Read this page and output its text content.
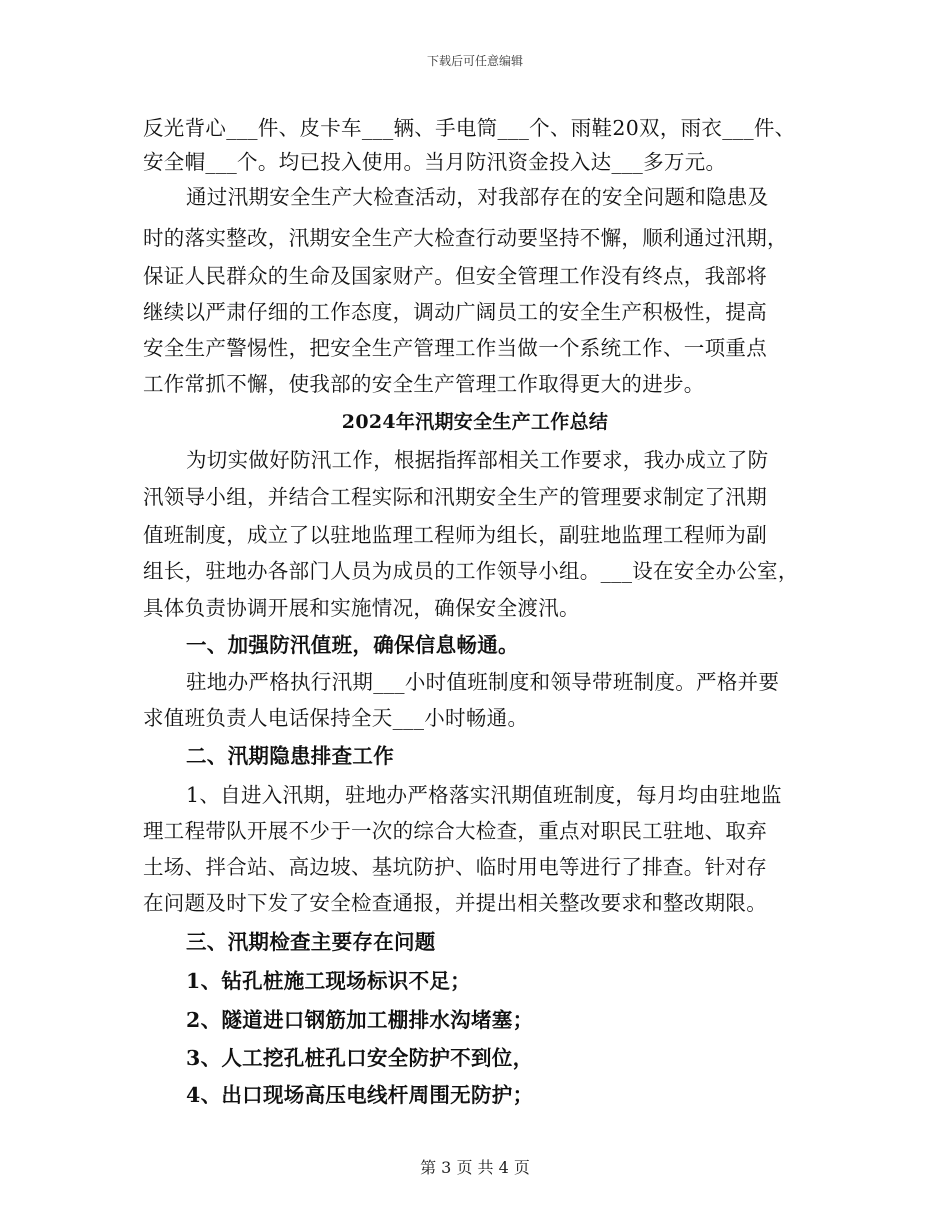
下载后可任意编辑
反光背心___件、皮卡车___辆、手电筒___个、雨鞋20双，雨衣___件、
安全帽___个。均已投入使用。当月防汛资金投入达___多万元。
通过汛期安全生产大检查活动，对我部存在的安全问题和隐患及
时的落实整改，汛期安全生产大检查行动要坚持不懈，顺利通过汛期，
保证人民群众的生命及国家财产。但安全管理工作没有终点，我部将
继续以严肃仔细的工作态度，调动广阔员工的安全生产积极性，提高
安全生产警惕性，把安全生产管理工作当做一个系统工作、一项重点
工作常抓不懈，使我部的安全生产管理工作取得更大的进步。
2024年汛期安全生产工作总结
为切实做好防汛工作，根据指挥部相关工作要求，我办成立了防
汛领导小组，并结合工程实际和汛期安全生产的管理要求制定了汛期
值班制度，成立了以驻地监理工程师为组长，副驻地监理工程师为副
组长，驻地办各部门人员为成员的工作领导小组。___设在安全办公室，
具体负责协调开展和实施情况，确保安全渡汛。
一、加强防汛值班，确保信息畅通。
驻地办严格执行汛期___小时值班制度和领导带班制度。严格并要
求值班负责人电话保持全天___小时畅通。
二、汛期隐患排查工作
1、自进入汛期，驻地办严格落实汛期值班制度，每月均由驻地监
理工程带队开展不少于一次的综合大检查，重点对职民工驻地、取弃
土场、拌合站、高边坡、基坑防护、临时用电等进行了排查。针对存
在问题及时下发了安全检查通报，并提出相关整改要求和整改期限。
三、汛期检查主要存在问题
1、钻孔桩施工现场标识不足；
2、隧道进口钢筋加工棚排水沟堵塞；
3、人工挖孔桩孔口安全防护不到位，
4、出口现场高压电线杆周围无防护；
第 3 页 共 4 页
